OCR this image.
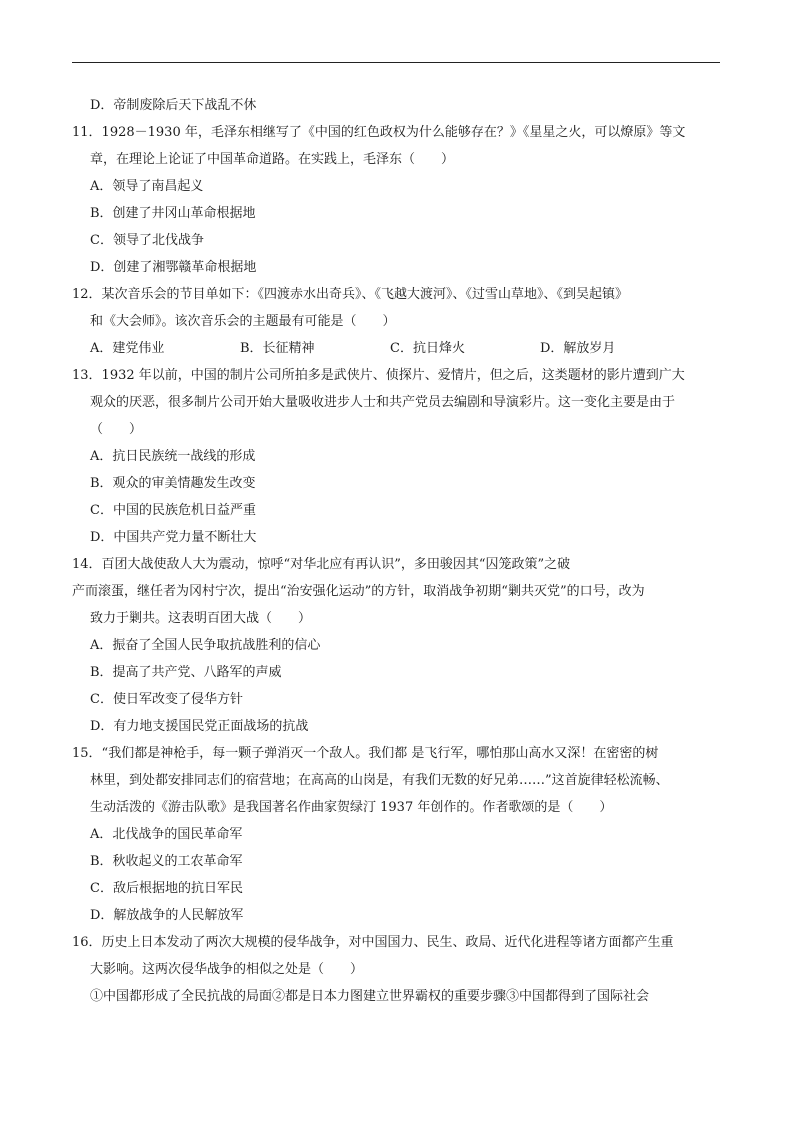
D．帝制废除后天下战乱不休
11．1928－1930 年，毛泽东相继写了《中国的红色政权为什么能够存在？》《星星之火，可以燎原》等文
章，在理论上论证了中国革命道路。在实践上，毛泽东（　　）
A．领导了南昌起义
B．创建了井冈山革命根据地
C．领导了北伐战争
D．创建了湘鄂赣革命根据地
12．某次音乐会的节目单如下：《四渡赤水出奇兵》、《飞越大渡河》、《过雪山草地》、《到吴起镇》
和《大会师》。该次音乐会的主题最有可能是（　　）
A．建党伟业	B．长征精神	C．抗日烽火	D．解放岁月
13．1932 年以前，中国的制片公司所拍多是武侠片、侦探片、爱情片，但之后，这类题材的影片遭到广大
观众的厌恶，很多制片公司开始大量吸收进步人士和共产党员去编剧和导演彩片。这一变化主要是由于
（　　）
A．抗日民族统一战线的形成
B．观众的审美情趣发生改变
C．中国的民族危机日益严重
D．中国共产党力量不断壮大
14．百团大战使敌人大为震动，惊呼“对华北应有再认识”，多田骏因其“囚笼政策”之破
产而滚蛋，继任者为冈村宁次，提出“治安强化运动”的方针，取消战争初期“剿共灭党”的口号，改为
致力于剿共。这表明百团大战（　　）
A．振奋了全国人民争取抗战胜利的信心
B．提高了共产党、八路军的声威
C．使日军改变了侵华方针
D．有力地支援国民党正面战场的抗战
15．“我们都是神枪手，每一颗子弹消灭一个敌人。我们都 是飞行军，哪怕那山高水又深！在密密的树
林里，到处都安排同志们的宿营地；在高高的山岗是，有我们无数的好兄弟……”这首旋律轻松流畅、
生动活泼的《游击队歌》是我国著名作曲家贺绿汀 1937 年创作的。作者歌颂的是（　　）
A．北伐战争的国民革命军
B．秋收起义的工农革命军
C．敌后根据地的抗日军民
D．解放战争的人民解放军
16．历史上日本发动了两次大规模的侵华战争，对中国国力、民生、政局、近代化进程等诸方面都产生重
大影响。这两次侵华战争的相似之处是（　　）
①中国都形成了全民抗战的局面②都是日本力图建立世界霸权的重要步骤③中国都得到了国际社会
